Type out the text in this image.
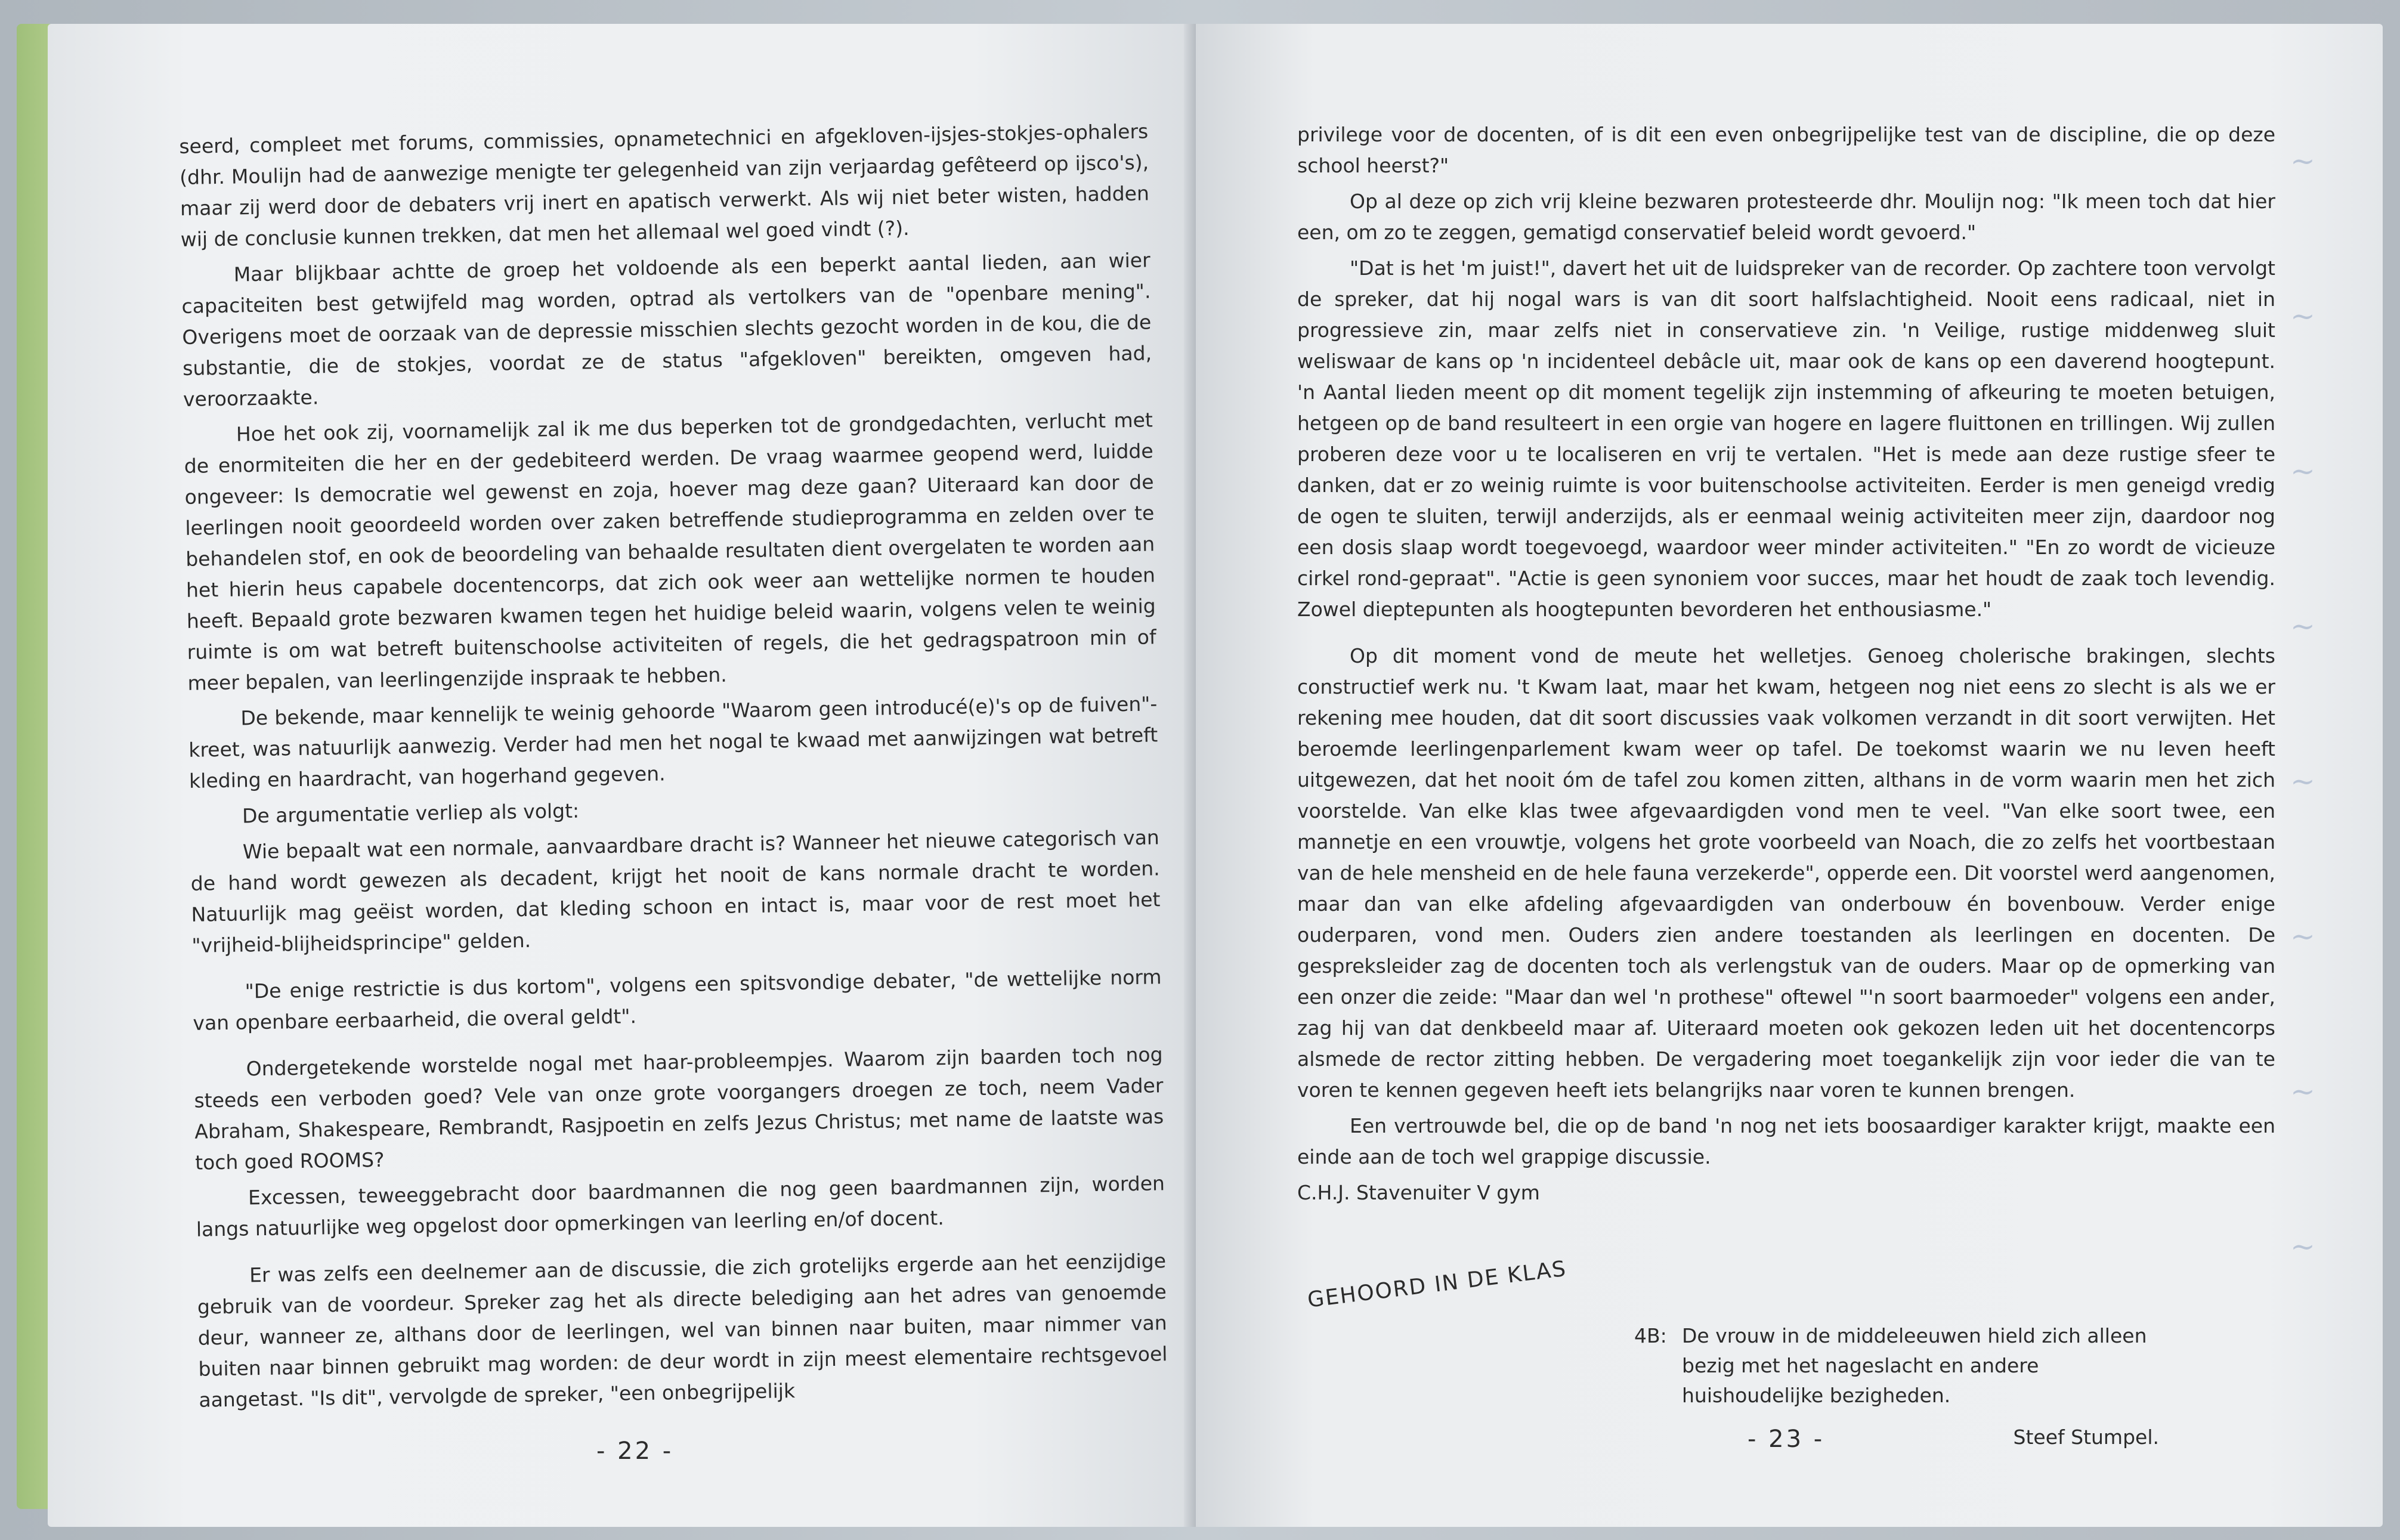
seerd, compleet met forums, commissies, opnametechnici en afgekloven-ijsjes-stokjes-ophalers (dhr. Moulijn had de aanwezige menigte ter gelegenheid van zijn verjaardag gefêteerd op ijsco's), maar zij werd door de debaters vrij inert en apatisch verwerkt. Als wij niet beter wisten, hadden wij de conclusie kunnen trekken, dat men het allemaal wel goed vindt (?).

Maar blijkbaar achtte de groep het voldoende als een beperkt aantal lieden, aan wier capaciteiten best getwijfeld mag worden, optrad als vertolkers van de "openbare mening". Overigens moet de oorzaak van de depressie misschien slechts gezocht worden in de kou, die de substantie, die de stokjes, voordat ze de status "afgekloven" bereikten, omgeven had, veroorzaakte.

Hoe het ook zij, voornamelijk zal ik me dus beperken tot de grondgedachten, verlucht met de enormiteiten die her en der gedebiteerd werden. De vraag waarmee geopend werd, luidde ongeveer: Is democratie wel gewenst en zoja, hoever mag deze gaan? Uiteraard kan door de leerlingen nooit geoordeeld worden over zaken betreffende studieprogramma en zelden over te behandelen stof, en ook de beoordeling van behaalde resultaten dient overgelaten te worden aan het hierin heus capabele docentencorps, dat zich ook weer aan wettelijke normen te houden heeft. Bepaald grote bezwaren kwamen tegen het huidige beleid waarin, volgens velen te weinig ruimte is om wat betreft buitenschoolse activiteiten of regels, die het gedragspatroon min of meer bepalen, van leerlingenzijde inspraak te hebben.

De bekende, maar kennelijk te weinig gehoorde "Waarom geen introducé(e)'s op de fuiven"-kreet, was natuurlijk aanwezig. Verder had men het nogal te kwaad met aanwijzingen wat betreft kleding en haardracht, van hogerhand gegeven.

De argumentatie verliep als volgt:

Wie bepaalt wat een normale, aanvaardbare dracht is? Wanneer het nieuwe categorisch van de hand wordt gewezen als decadent, krijgt het nooit de kans normale dracht te worden. Natuurlijk mag geëist worden, dat kleding schoon en intact is, maar voor de rest moet het "vrijheid-blijheidsprincipe" gelden.

"De enige restrictie is dus kortom", volgens een spitsvondige debater, "de wettelijke norm van openbare eerbaarheid, die overal geldt".

Ondergetekende worstelde nogal met haar-probleempjes. Waarom zijn baarden toch nog steeds een verboden goed? Vele van onze grote voorgangers droegen ze toch, neem Vader Abraham, Shakespeare, Rembrandt, Rasjpoetin en zelfs Jezus Christus; met name de laatste was toch goed ROOMS?

Excessen, teweeggebracht door baardmannen die nog geen baardmannen zijn, worden langs natuurlijke weg opgelost door opmerkingen van leerling en/of docent.

Er was zelfs een deelnemer aan de discussie, die zich grotelijks ergerde aan het eenzijdige gebruik van de voordeur. Spreker zag het als directe belediging aan het adres van genoemde deur, wanneer ze, althans door de leerlingen, wel van binnen naar buiten, maar nimmer van buiten naar binnen gebruikt mag worden: de deur wordt in zijn meest elementaire rechtsgevoel aangetast. "Is dit", vervolgde de spreker, "een onbegrijpelijk

privilege voor de docenten, of is dit een even onbegrijpelijke test van de discipline, die op deze school heerst?"

Op al deze op zich vrij kleine bezwaren protesteerde dhr. Moulijn nog: "Ik meen toch dat hier een, om zo te zeggen, gematigd conservatief beleid wordt gevoerd."

"Dat is het 'm juist!", davert het uit de luidspreker van de recorder. Op zachtere toon vervolgt de spreker, dat hij nogal wars is van dit soort halfslachtigheid. Nooit eens radicaal, niet in progressieve zin, maar zelfs niet in conservatieve zin. 'n Veilige, rustige middenweg sluit weliswaar de kans op 'n incidenteel debâcle uit, maar ook de kans op een daverend hoogtepunt. 'n Aantal lieden meent op dit moment tegelijk zijn instemming of afkeuring te moeten betuigen, hetgeen op de band resulteert in een orgie van hogere en lagere fluittonen en trillingen. Wij zullen proberen deze voor u te localiseren en vrij te vertalen. "Het is mede aan deze rustige sfeer te danken, dat er zo weinig ruimte is voor buitenschoolse activiteiten. Eerder is men geneigd vredig de ogen te sluiten, terwijl anderzijds, als er eenmaal weinig activiteiten meer zijn, daardoor nog een dosis slaap wordt toegevoegd, waardoor weer minder activiteiten." "En zo wordt de vicieuze cirkel rond-gepraat". "Actie is geen synoniem voor succes, maar het houdt de zaak toch levendig. Zowel dieptepunten als hoogtepunten bevorderen het enthousiasme."

Op dit moment vond de meute het welletjes. Genoeg cholerische brakingen, slechts constructief werk nu. 't Kwam laat, maar het kwam, hetgeen nog niet eens zo slecht is als we er rekening mee houden, dat dit soort discussies vaak volkomen verzandt in dit soort verwijten. Het beroemde leerlingenparlement kwam weer op tafel. De toekomst waarin we nu leven heeft uitgewezen, dat het nooit óm de tafel zou komen zitten, althans in de vorm waarin men het zich voorstelde. Van elke klas twee afgevaardigden vond men te veel. "Van elke soort twee, een mannetje en een vrouwtje, volgens het grote voorbeeld van Noach, die zo zelfs het voortbestaan van de hele mensheid en de hele fauna verzekerde", opperde een. Dit voorstel werd aangenomen, maar dan van elke afdeling afgevaardigden van onderbouw én bovenbouw. Verder enige ouderparen, vond men. Ouders zien andere toestanden als leerlingen en docenten. De gespreksleider zag de docenten toch als verlengstuk van de ouders. Maar op de opmerking van een onzer die zeide: "Maar dan wel 'n prothese" oftewel "'n soort baarmoeder" volgens een ander, zag hij van dat denkbeeld maar af. Uiteraard moeten ook gekozen leden uit het docentencorps alsmede de rector zitting hebben. De vergadering moet toegankelijk zijn voor ieder die van te voren te kennen gegeven heeft iets belangrijks naar voren te kunnen brengen.

Een vertrouwde bel, die op de band 'n nog net iets boosaardiger karakter krijgt, maakte een einde aan de toch wel grappige discussie.

C.H.J. Stavenuiter V gym

~
~
~
~
~
~
~
~
GEHOORD IN DE KLAS
4B: De vrouw in de middeleeuwen hield zich alleen bezig met het nageslacht en andere huishoudelijke bezigheden.
Steef Stumpel.
- 22 -	- 23 -
